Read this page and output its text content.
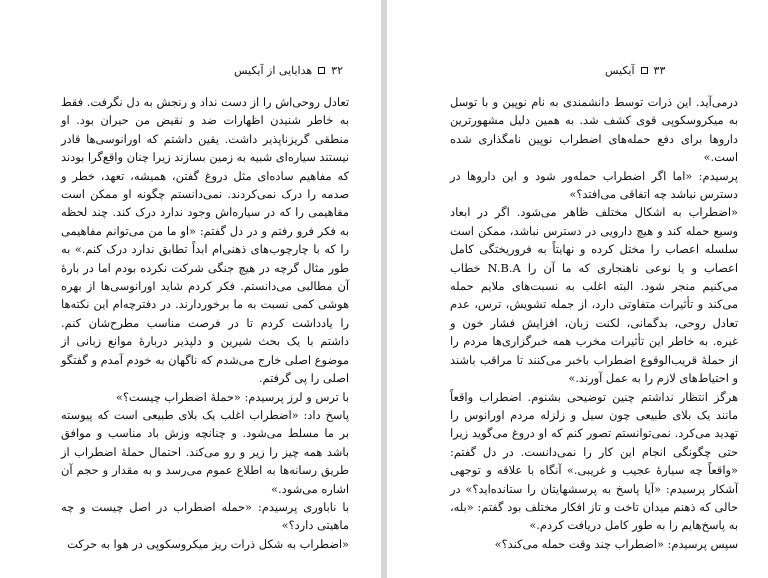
۳۲
هدایایی از آیکیس

تعادل روحی‌اش را از دست نداد و رنجش به دل نگرفت. فقط به خاطر شنیدن اظهارات ضد و نقیض من حیران بود. او منطقی گریزناپذیر داشت. یقین داشتم که اورانوسی‌ها قادر نیستند سیاره‌ای شبیه به زمین بسازند زیرا چنان واقع‌گرا بودند که مفاهیم ساده‌ای مثل دروغ گفتن، همیشه، تعهد، خطر و صدمه را درک نمی‌کردند. نمی‌دانستم چگونه او ممکن است مفاهیمی را که در سیاره‌اش وجود ندارد درک کند. چند لحظه به فکر فرو رفتم و در دل گفتم: «او ما من می‌توانم مفاهیمی را که با چارچوب‌های ذهنی‌ام ابداً تطابق ندارد درک کنم.» به طور مثال گرچه در هیچ جنگی شرکت نکرده بودم اما در بارهٔ آن مطالبی می‌دانستم. فکر کردم شاید اورانوسی‌ها از بهره هوشی کمی نسبت به ما برخوردارند. در دفترچه‌ام این نکته‌ها را یادداشت کردم تا در فرصت مناسب مطرح‌شان کنم. داشتم با یک بحث شیرین و دلپذیر دربارهٔ موانع زبانی از موضوع اصلی خارج می‌شدم که ناگهان به خودم آمدم و گفتگو اصلی را پی گرفتم.

با ترس و لرز پرسیدم: «حملهٔ اضطراب چیست؟»

پاسخ داد: «اضطراب اغلب یک بلای طبیعی است که پیوسته بر ما مسلط می‌شود. و چنانچه وزش باد مناسب و موافق باشد همه چیز را زیر و رو می‌کند. احتمال حملهٔ اضطراب از طریق رسانه‌ها به اطلاع عموم می‌رسد و به مقدار و حجم آن اشاره می‌شود.»

با ناباوری پرسیدم: «حمله اضطراب در اصل چیست و چه ماهیتی دارد؟»

«اضطراب به شکل ذرات ریز میکروسکوپی در هوا به حرکت

۳۳
آیکیس

درمی‌آید. این ذرات توسط دانشمندی به نام نوپین و با توسل به میکروسکوپی قوی کشف شد. به همین دلیل مشهورترین داروها برای دفع حمله‌های اضطراب نوپین نامگذاری شده است.»

پرسیدم: «اما اگر اضطراب حمله‌ور شود و این داروها در دسترس نباشد چه اتفاقی می‌افتد؟»

«اضطراب به اشکال مختلف ظاهر می‌شود. اگر در ابعاد وسیع حمله کند و هیچ دارویی در دسترس نباشد، ممکن است سلسله اعصاب را مختل کرده و نهایتاً به فروریختگی کامل اعصاب و یا نوعی ناهنجاری که ما آن را N.B.A خطاب می‌کنیم منجر شود. البته اغلب به نسبت‌های ملایم حمله می‌کند و تأثیرات متفاوتی دارد، از جمله تشویش، ترس، عدم تعادل روحی، بدگمانی، لکنت زبان، افزایش فشار خون و غیره. به خاطر این تأثیرات مخرب همه خبرگزاری‌ها مردم را از حملهٔ قریب‌الوقوع اضطراب باخبر می‌کنند تا مراقب باشند و احتیاط‌های لازم را به عمل آورند.»

هرگز انتظار نداشتم چنین توضیحی بشنوم. اضطراب واقعاً مانند یک بلای طبیعی چون سیل و زلزله مردم اورانوس را تهدید می‌کرد. نمی‌توانستم تصور کنم که او دروغ می‌گوید زیرا حتی چگونگی انجام این کار را نمی‌دانست. در دل گفتم: «واقعاً چه سیارهٔ عجیب و غریبی.» آنگاه با علاقه و توجهی آشکار پرسیدم: «آیا پاسخ به پرسشهایتان را ستانده‌اید؟» در حالی که ذهنم میدان تاخت و تاز افکار مختلف بود گفتم: «بله، به پاسخ‌هایم را به طور کامل دریافت کردم.»

سپس پرسیدم: «اضطراب چند وقت حمله می‌کند؟»
